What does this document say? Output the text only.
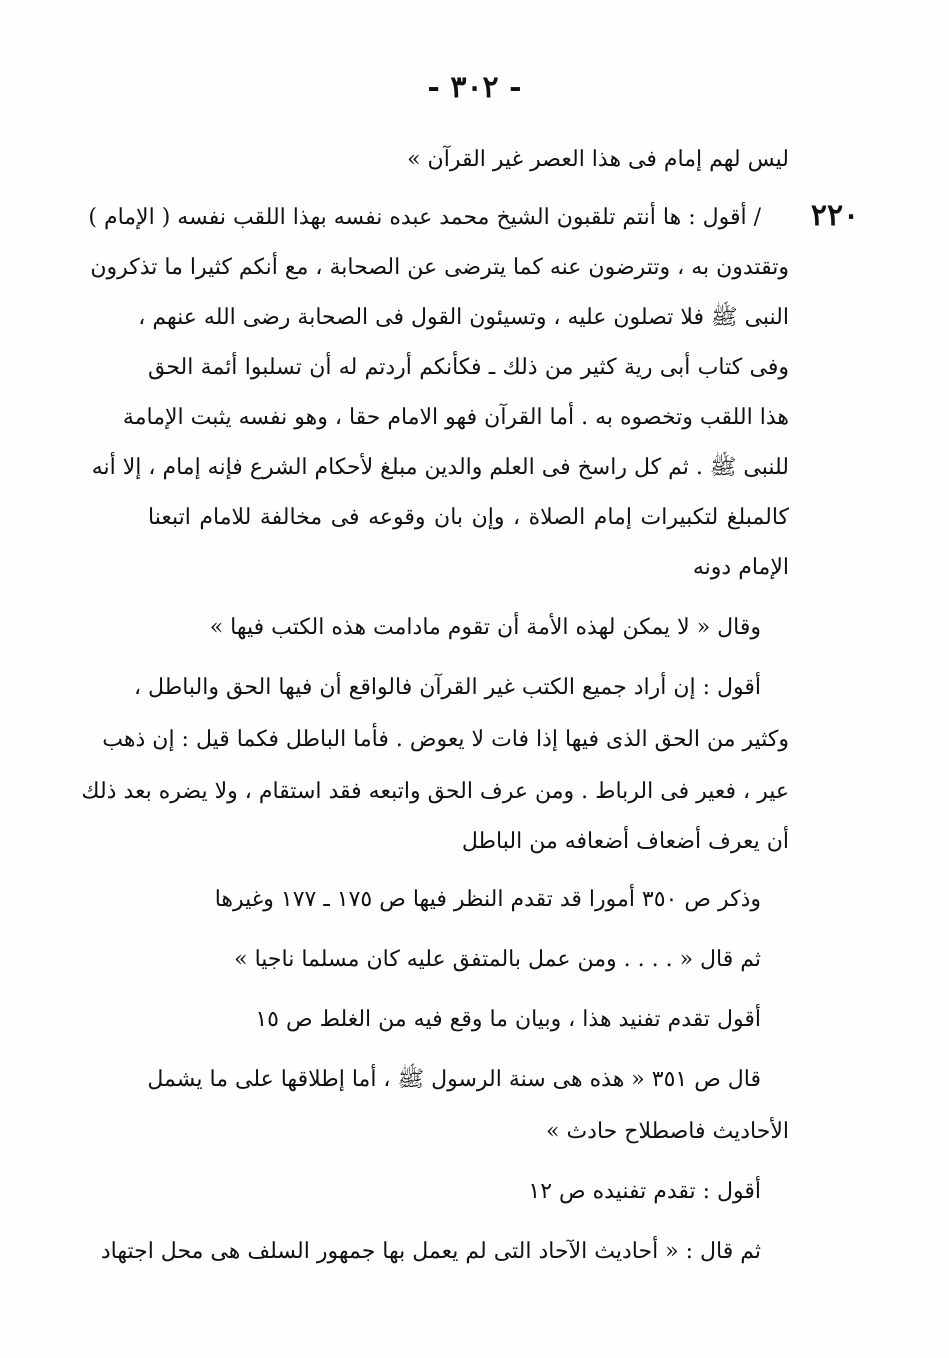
- ٣٠٢ -
٢٢٠
ليس لهم إمام فى هذا العصر غير القرآن »
/ أقول : ها أنتم تلقبون الشيخ محمد عبده نفسه بهذا اللقب نفسه ( الإمام )
وتقتدون به ، وتترضون عنه كما يترضى عن الصحابة ، مع أنكم كثيرا ما تذكرون
النبى ﷺ فلا تصلون عليه ، وتسيئون القول فى الصحابة رضى الله عنهم ،
وفى كتاب أبى رية كثير من ذلك ـ فكأنكم أردتم له أن تسلبوا أئمة الحق
هذا اللقب وتخصوه به . أما القرآن فهو الامام حقا ، وهو نفسه يثبت الإمامة
للنبى ﷺ . ثم كل راسخ فى العلم والدين مبلغ لأحكام الشرع فإنه إمام ، إلا أنه
كالمبلغ لتكبيرات إمام الصلاة ، وإن بان وقوعه فى مخالفة للامام اتبعنا
الإمام دونه
وقال « لا يمكن لهذه الأمة أن تقوم مادامت هذه الكتب فيها »
أقول : إن أراد جميع الكتب غير القرآن فالواقع أن فيها الحق والباطل ،
وكثير من الحق الذى فيها إذا فات لا يعوض . فأما الباطل فكما قيل : إن ذهب
عير ، فعير فى الرباط . ومن عرف الحق واتبعه فقد استقام ، ولا يضره بعد ذلك
أن يعرف أضعاف أضعافه من الباطل
وذكر ص ٣٥٠ أمورا قد تقدم النظر فيها ص ١٧٥ ـ ١٧٧ وغيرها
ثم قال « . . . . ومن عمل بالمتفق عليه كان مسلما ناجيا »
أقول تقدم تفنيد هذا ، وبيان ما وقع فيه من الغلط ص ١٥
قال ص ٣٥١ « هذه هى سنة الرسول ﷺ ، أما إطلاقها على ما يشمل
الأحاديث فاصطلاح حادث »
أقول : تقدم تفنيده ص ١٢
ثم قال : « أحاديث الآحاد التى لم يعمل بها جمهور السلف هى محل اجتهاد
